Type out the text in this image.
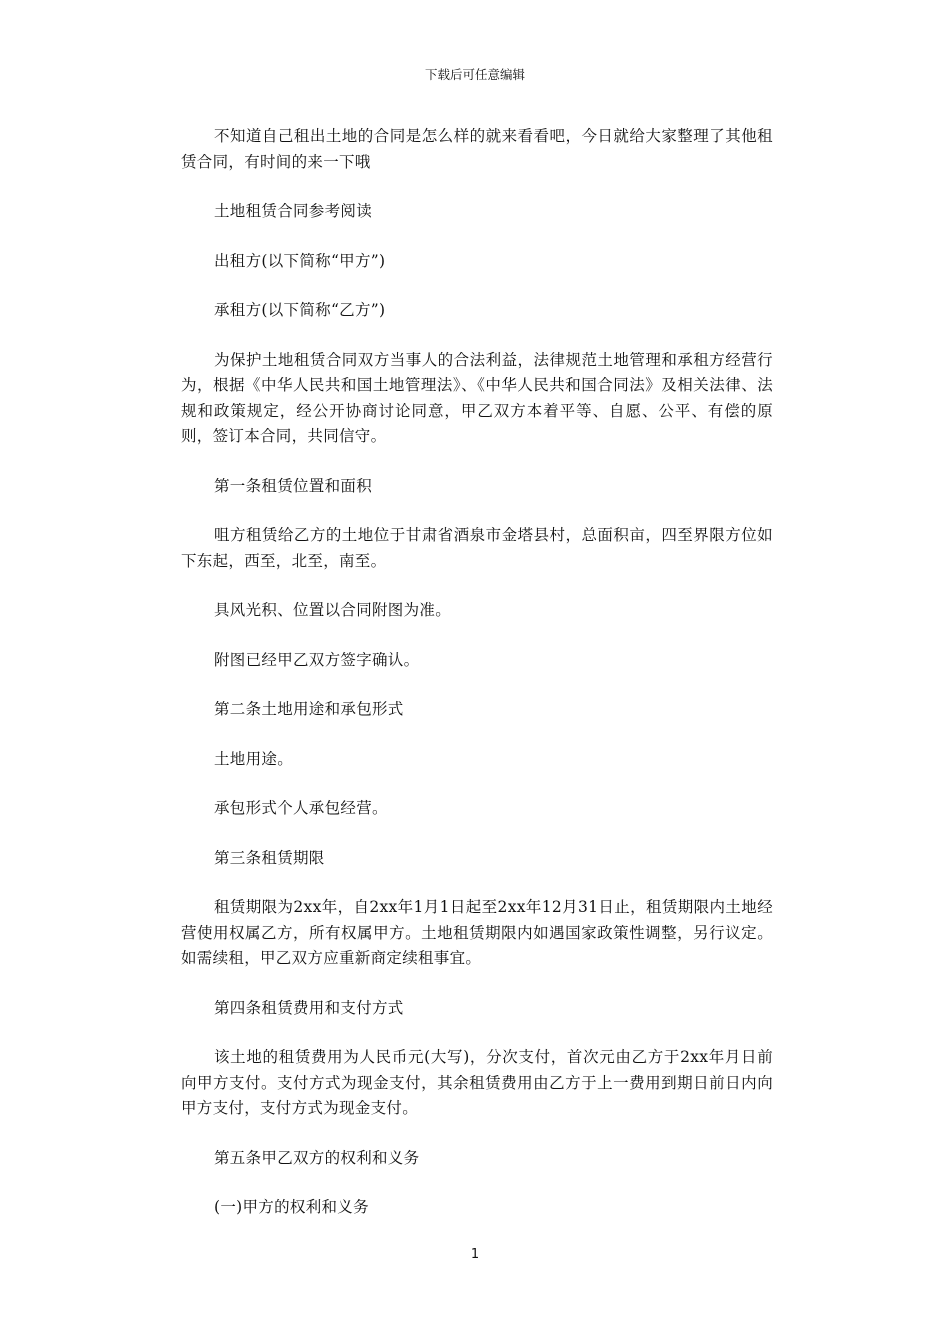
下载后可任意编辑

不知道自己租出土地的合同是怎么样的就来看看吧，今日就给大家整理了其他租赁合同，有时间的来一下哦

土地租赁合同参考阅读

出租方(以下简称“甲方”)

承租方(以下简称“乙方”)

为保护土地租赁合同双方当事人的合法利益，法律规范土地管理和承租方经营行为，根据《中华人民共和国土地管理法》、《中华人民共和国合同法》及相关法律、法规和政策规定，经公开协商讨论同意，甲乙双方本着平等、自愿、公平、有偿的原则，签订本合同，共同信守。

第一条租赁位置和面积

咀方租赁给乙方的土地位于甘肃省酒泉市金塔县村，总面积亩，四至界限方位如下东起，西至，北至，南至。

具风光积、位置以合同附图为准。

附图已经甲乙双方签字确认。

第二条土地用途和承包形式

土地用途。

承包形式个人承包经营。

第三条租赁期限

租赁期限为2xx年，自2xx年1月1日起至2xx年12月31日止，租赁期限内土地经营使用权属乙方，所有权属甲方。土地租赁期限内如遇国家政策性调整，另行议定。如需续租，甲乙双方应重新商定续租事宜。

第四条租赁费用和支付方式

该土地的租赁费用为人民币元(大写)，分次支付，首次元由乙方于2xx年月日前向甲方支付。支付方式为现金支付，其余租赁费用由乙方于上一费用到期日前日内向甲方支付，支付方式为现金支付。

第五条甲乙双方的权利和义务

(一)甲方的权利和义务

1
